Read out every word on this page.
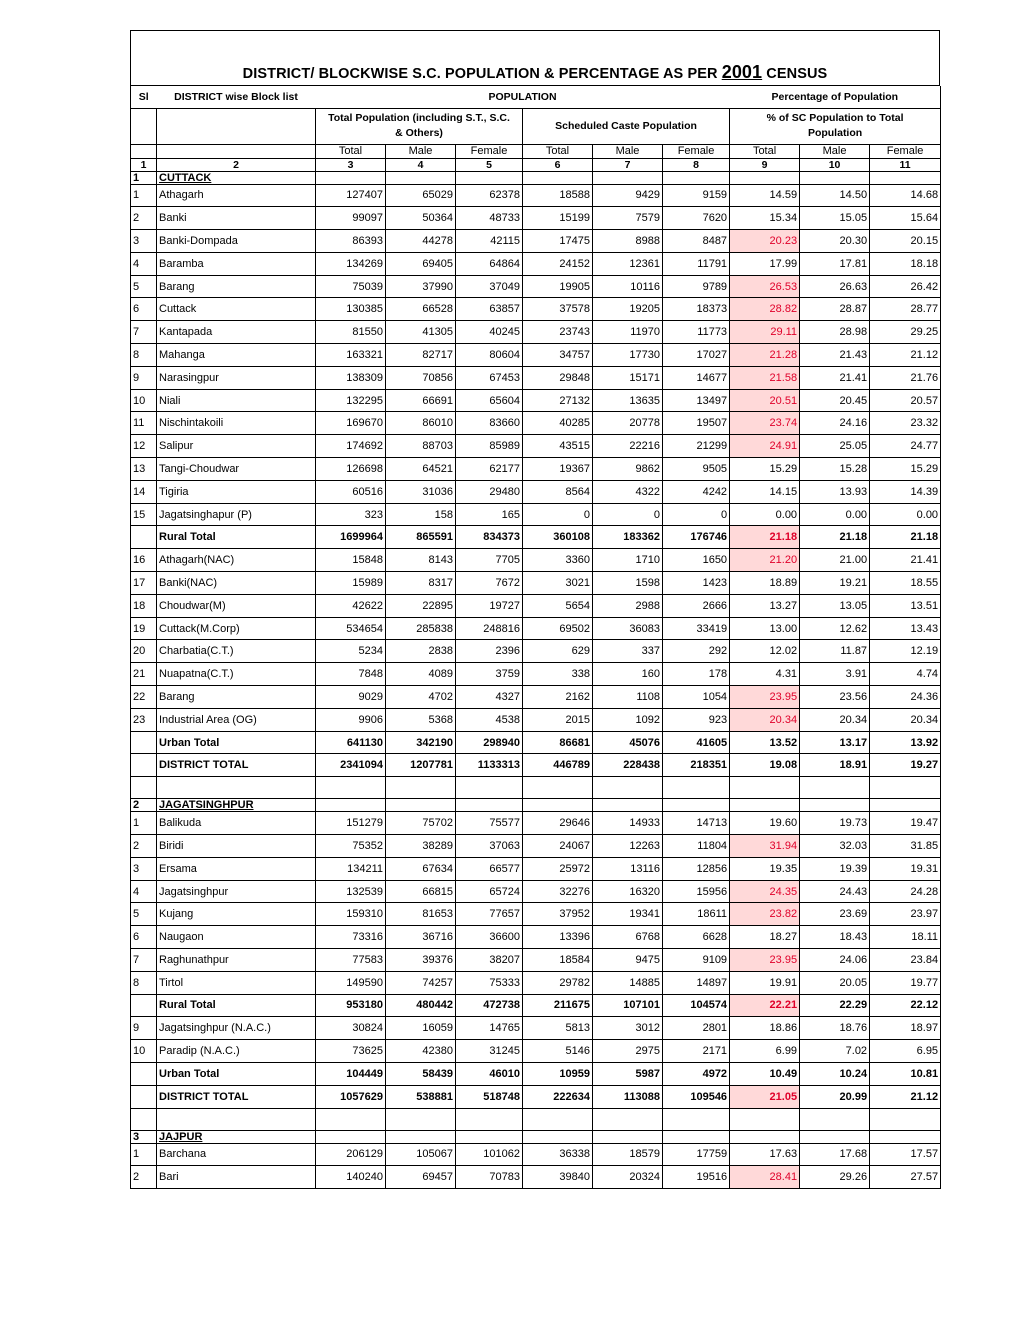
DISTRICT/ BLOCKWISE S.C. POPULATION & PERCENTAGE AS PER 2001 CENSUS
Sl	DISTRICT wise Block list	POPULATION						Percentage of Population		
		Total Population (including S.T., S.C. & Others)			Scheduled Caste Population			% of SC Population to Total Population		
		Total	Male	Female	Total	Male	Female	Total	Male	Female
1	2	3	4	5	6	7	8	9	10	11
1	CUTTACK									
1	Athagarh	127407	65029	62378	18588	9429	9159	14.59	14.50	14.68
2	Banki	99097	50364	48733	15199	7579	7620	15.34	15.05	15.64
3	Banki-Dompada	86393	44278	42115	17475	8988	8487	20.23	20.30	20.15
4	Baramba	134269	69405	64864	24152	12361	11791	17.99	17.81	18.18
5	Barang	75039	37990	37049	19905	10116	9789	26.53	26.63	26.42
6	Cuttack	130385	66528	63857	37578	19205	18373	28.82	28.87	28.77
7	Kantapada	81550	41305	40245	23743	11970	11773	29.11	28.98	29.25
8	Mahanga	163321	82717	80604	34757	17730	17027	21.28	21.43	21.12
9	Narasingpur	138309	70856	67453	29848	15171	14677	21.58	21.41	21.76
10	Niali	132295	66691	65604	27132	13635	13497	20.51	20.45	20.57
11	Nischintakoili	169670	86010	83660	40285	20778	19507	23.74	24.16	23.32
12	Salipur	174692	88703	85989	43515	22216	21299	24.91	25.05	24.77
13	Tangi-Choudwar	126698	64521	62177	19367	9862	9505	15.29	15.28	15.29
14	Tigiria	60516	31036	29480	8564	4322	4242	14.15	13.93	14.39
15	Jagatsinghapur (P)	323	158	165	0	0	0	0.00	0.00	0.00
	Rural Total	1699964	865591	834373	360108	183362	176746	21.18	21.18	21.18
16	Athagarh(NAC)	15848	8143	7705	3360	1710	1650	21.20	21.00	21.41
17	Banki(NAC)	15989	8317	7672	3021	1598	1423	18.89	19.21	18.55
18	Choudwar(M)	42622	22895	19727	5654	2988	2666	13.27	13.05	13.51
19	Cuttack(M.Corp)	534654	285838	248816	69502	36083	33419	13.00	12.62	13.43
20	Charbatia(C.T.)	5234	2838	2396	629	337	292	12.02	11.87	12.19
21	Nuapatna(C.T.)	7848	4089	3759	338	160	178	4.31	3.91	4.74
22	Barang	9029	4702	4327	2162	1108	1054	23.95	23.56	24.36
23	Industrial Area (OG)	9906	5368	4538	2015	1092	923	20.34	20.34	20.34
	Urban Total	641130	342190	298940	86681	45076	41605	13.52	13.17	13.92
	DISTRICT TOTAL	2341094	1207781	1133313	446789	228438	218351	19.08	18.91	19.27

2	JAGATSINGHPUR									
1	Balikuda	151279	75702	75577	29646	14933	14713	19.60	19.73	19.47
2	Biridi	75352	38289	37063	24067	12263	11804	31.94	32.03	31.85
3	Ersama	134211	67634	66577	25972	13116	12856	19.35	19.39	19.31
4	Jagatsinghpur	132539	66815	65724	32276	16320	15956	24.35	24.43	24.28
5	Kujang	159310	81653	77657	37952	19341	18611	23.82	23.69	23.97
6	Naugaon	73316	36716	36600	13396	6768	6628	18.27	18.43	18.11
7	Raghunathpur	77583	39376	38207	18584	9475	9109	23.95	24.06	23.84
8	Tirtol	149590	74257	75333	29782	14885	14897	19.91	20.05	19.77
	Rural Total	953180	480442	472738	211675	107101	104574	22.21	22.29	22.12
9	Jagatsinghpur (N.A.C.)	30824	16059	14765	5813	3012	2801	18.86	18.76	18.97
10	Paradip (N.A.C.)	73625	42380	31245	5146	2975	2171	6.99	7.02	6.95
	Urban Total	104449	58439	46010	10959	5987	4972	10.49	10.24	10.81
	DISTRICT TOTAL	1057629	538881	518748	222634	113088	109546	21.05	20.99	21.12

3	JAJPUR									
1	Barchana	206129	105067	101062	36338	18579	17759	17.63	17.68	17.57
2	Bari	140240	69457	70783	39840	20324	19516	28.41	29.26	27.57
